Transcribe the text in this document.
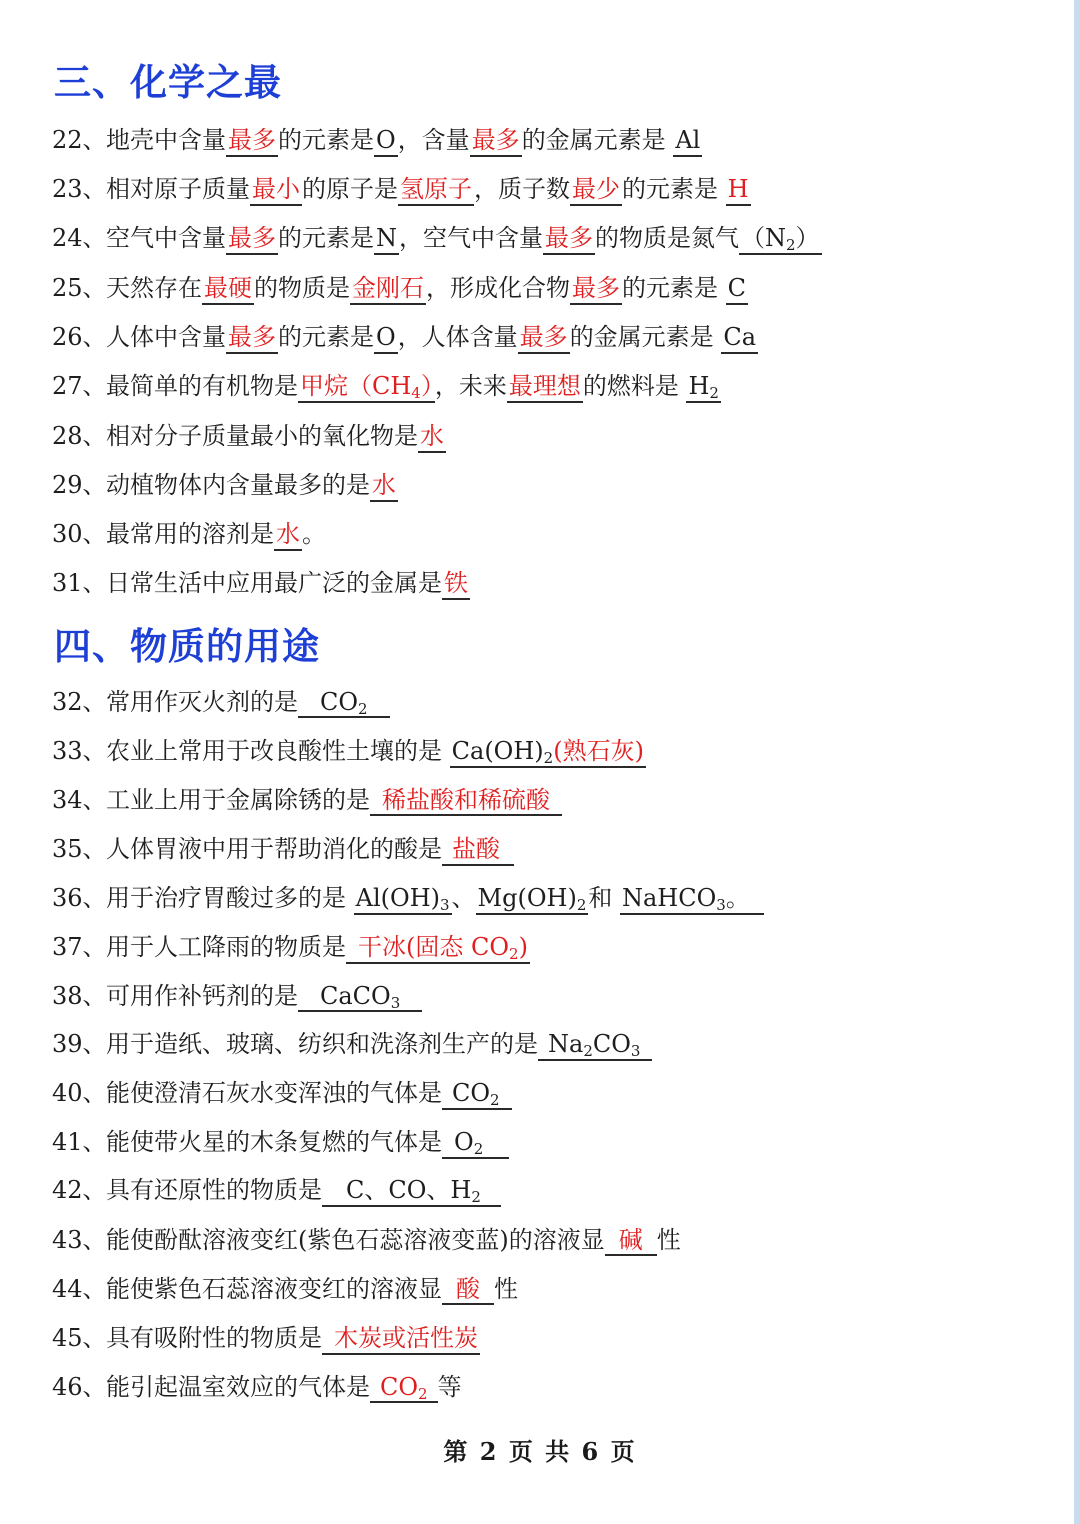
三、化学之最
22、地壳中含量最多的元素是O，含量最多的金属元素是 Al
23、相对原子质量最小的原子是氢原子，质子数最少的元素是 H
24、空气中含量最多的元素是N，空气中含量最多的物质是氮气$(N_2)$
25、天然存在最硬的物质是金刚石，形成化合物最多的元素是 C
26、人体中含量最多的元素是O，人体含量最多的金属元素是 Ca
27、最简单的有机物是甲烷$(CH_4)$，未来最理想的燃料是 $H_2$
28、相对分子质量最小的氧化物是水
29、动植物体内含量最多的是水
30、最常用的溶剂是水。
31、日常生活中应用最广泛的金属是铁
四、物质的用途
32、常用作灭火剂的是 $CO_2$
33、农业上常用于改良酸性土壤的是 $Ca(OH)_2$(熟石灰)
34、工业上用于金属除锈的是 稀盐酸和稀硫酸
35、人体胃液中用于帮助消化的酸是 盐酸
36、用于治疗胃酸过多的是 $Al(OH)_3$、$Mg(OH)_2$和 NaHCO$_3$。
37、用于人工降雨的物质是 干冰(固态 $CO_2$)
38、可用作补钙剂的是 CaCO$_3$
39、用于造纸、玻璃、纺织和洗涤剂生产的是 $Na_2CO_3$
40、能使澄清石灰水变浑浊的气体是 $CO_2$
41、能使带火星的木条复燃的气体是 $O_2$
42、具有还原性的物质是 C、CO、$H_2$
43、能使酚酞溶液变红(紫色石蕊溶液变蓝)的溶液显 碱 性
44、能使紫色石蕊溶液变红的溶液显 酸 性
45、具有吸附性的物质是 木炭或活性炭
46、能引起温室效应的气体是 $CO_2$ 等
第 2 页 共 6 页
